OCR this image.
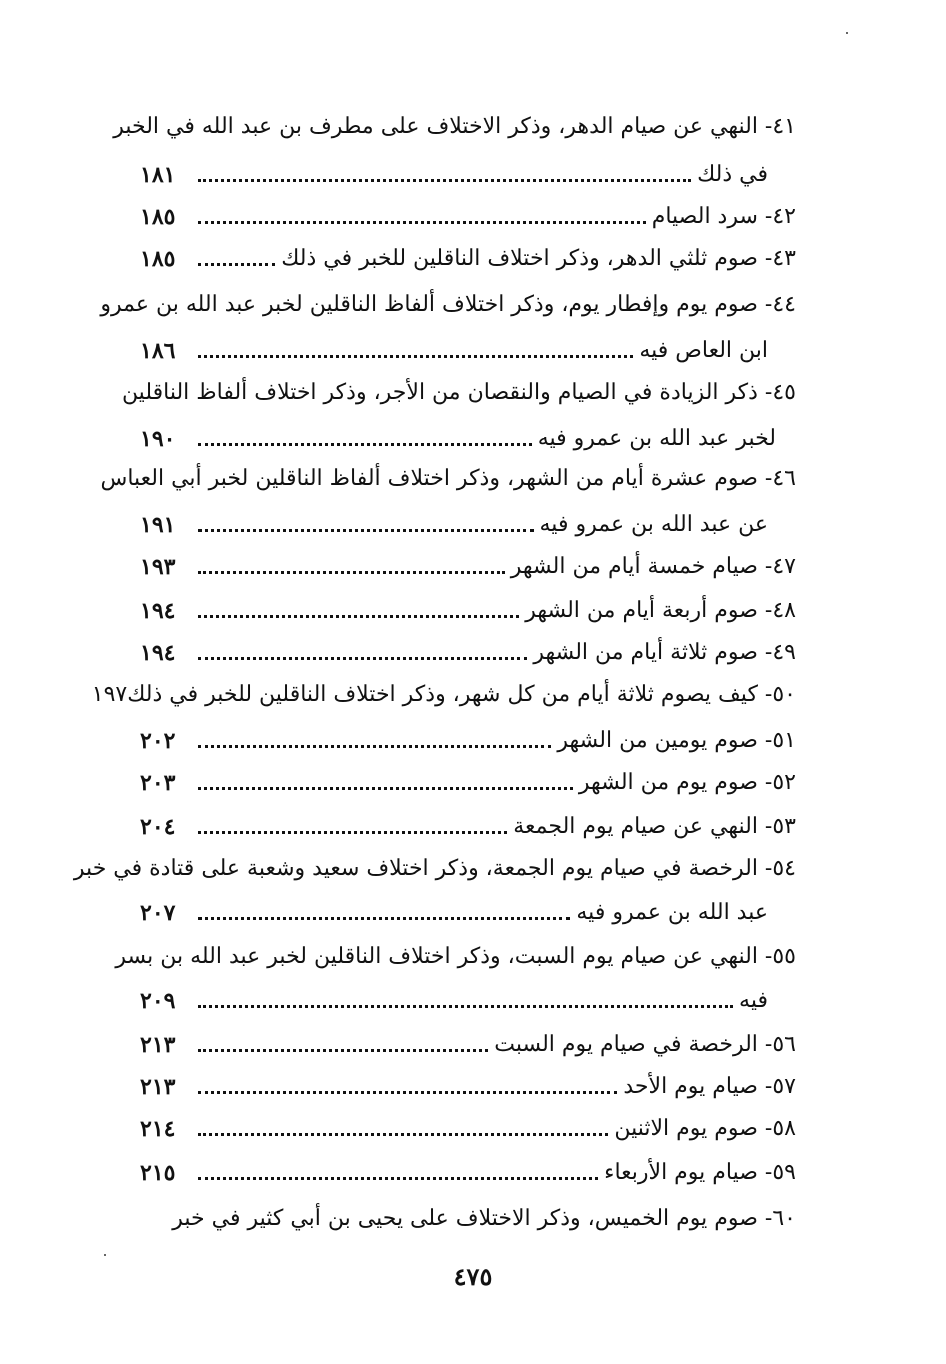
٤١- النهي عن صيام الدهر، وذكر الاختلاف على مطرف بن عبد الله في الخبر
في ذلك
١٨١
٤٢- سرد الصيام
١٨٥
٤٣- صوم ثلثي الدهر، وذكر اختلاف الناقلين للخبر في ذلك
١٨٥
٤٤- صوم يوم وإفطار يوم، وذكر اختلاف ألفاظ الناقلين لخبر عبد الله بن عمرو
ابن العاص فيه
١٨٦
٤٥- ذكر الزيادة في الصيام والنقصان من الأجر، وذكر اختلاف ألفاظ الناقلين
لخبر عبد الله بن عمرو فيه
١٩٠
٤٦- صوم عشرة أيام من الشهر، وذكر اختلاف ألفاظ الناقلين لخبر أبي العباس
عن عبد الله بن عمرو فيه
١٩١
٤٧- صيام خمسة أيام من الشهر
١٩٣
٤٨- صوم أربعة أيام من الشهر
١٩٤
٤٩- صوم ثلاثة أيام من الشهر
١٩٤
٥٠- كيف يصوم ثلاثة أيام من كل شهر، وذكر اختلاف الناقلين للخبر في ذلك١٩٧
٥١- صوم يومين من الشهر
٢٠٢
٥٢- صوم يوم من الشهر
٢٠٣
٥٣- النهي عن صيام يوم الجمعة
٢٠٤
٥٤- الرخصة في صيام يوم الجمعة، وذكر اختلاف سعيد وشعبة على قتادة في خبر
عبد الله بن عمرو فيه
٢٠٧
٥٥- النهي عن صيام يوم السبت، وذكر اختلاف الناقلين لخبر عبد الله بن بسر
فيه
٢٠٩
٥٦- الرخصة في صيام يوم السبت
٢١٣
٥٧- صيام يوم الأحد
٢١٣
٥٨- صوم يوم الاثنين
٢١٤
٥٩- صيام يوم الأربعاء
٢١٥
٦٠- صوم يوم الخميس، وذكر الاختلاف على يحيى بن أبي كثير في خبر
٤٧٥
